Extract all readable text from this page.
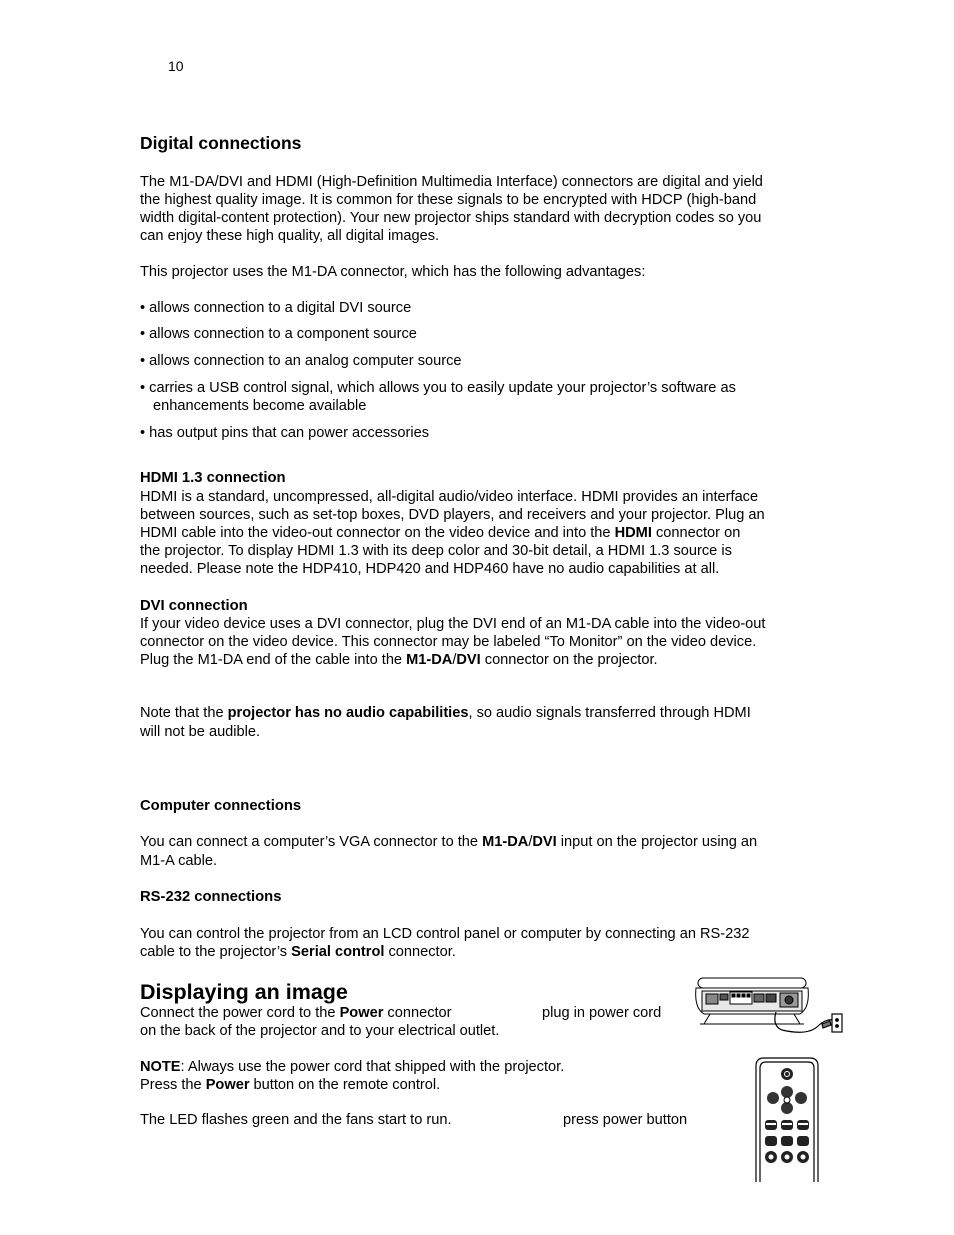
10
Digital connections

The M1-DA/DVI and HDMI (High-Definition Multimedia Interface) connectors are digital and yield

the highest quality image. It is common for these signals to be encrypted with HDCP (high-band

width digital-content protection). Your new projector ships standard with decryption codes so you

can enjoy these high quality, all digital images.

This projector uses the M1-DA connector, which has the following advantages:
• allows connection to a digital DVI source
• allows connection to a component source
• allows connection to an analog computer source
• carries a USB control signal, which allows you to easily update your projector’s software as
enhancements become available
• has output pins that can power accessories
HDMI 1.3 connection

HDMI is a standard, uncompressed, all-digital audio/video interface. HDMI provides an interface

between sources, such as set-top boxes, DVD players, and receivers and your projector. Plug an

HDMI cable into the video-out connector on the video device and into the HDMI connector on

the projector. To display HDMI 1.3 with its deep color and 30-bit detail, a HDMI 1.3 source is

needed. Please note the HDP410, HDP420 and HDP460 have no audio capabilities at all.

DVI connection

If your video device uses a DVI connector, plug the DVI end of an M1-DA cable into the video-out

connector on the video device. This connector may be labeled “To Monitor” on the video device.

Plug the M1-DA end of the cable into the M1-DA/DVI connector on the projector.

Note that the projector has no audio capabilities, so audio signals transferred through HDMI

will not be audible.

Computer connections

You can connect a computer’s VGA connector to the M1-DA/DVI input on the projector using an

M1-A cable.

RS-232 connections

You can control the projector from an LCD control panel or computer by connecting an RS-232

cable to the projector’s Serial control connector.

Displaying an image
Connect the power cord to the Power connector
on the back of the projector and to your electrical outlet.
plug in power cord
NOTE: Always use the power cord that shipped with the projector.
Press the Power button on the remote control.
The LED flashes green and the fans start to run.	press power button
